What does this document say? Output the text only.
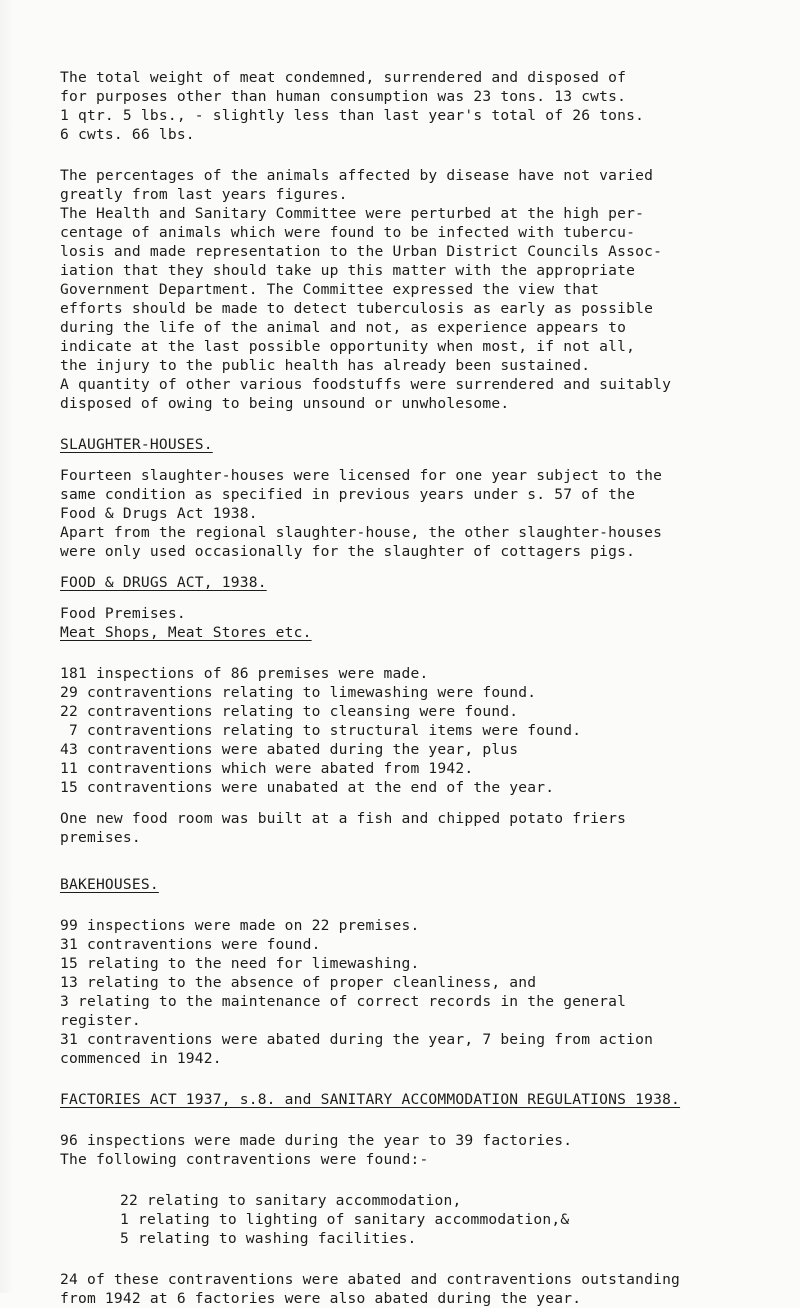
The total weight of meat condemned, surrendered and disposed of

for purposes other than human consumption was 23 tons. 13 cwts.

1 qtr. 5 lbs., - slightly less than last year's total of 26 tons.

6 cwts. 66 lbs.

The percentages of the animals affected by disease have not varied

greatly from last years figures.

The Health and Sanitary Committee were perturbed at the high per-

centage of animals which were found to be infected with tubercu-

losis and made representation to the Urban District Councils Assoc-

iation that they should take up this matter with the appropriate

Government Department. The Committee expressed the view that

efforts should be made to detect tuberculosis as early as possible

during the life of the animal and not, as experience appears to

indicate at the last possible opportunity when most, if not all,

the injury to the public health has already been sustained.

A quantity of other various foodstuffs were surrendered and suitably

disposed of owing to being unsound or unwholesome.

SLAUGHTER-HOUSES.

Fourteen slaughter-houses were licensed for one year subject to the

same condition as specified in previous years under s. 57 of the

Food & Drugs Act 1938.

Apart from the regional slaughter-house, the other slaughter-houses

were only used occasionally for the slaughter of cottagers pigs.

FOOD & DRUGS ACT, 1938.

Food Premises.

Meat Shops, Meat Stores etc.

181 inspections of 86 premises were made.

29 contraventions relating to limewashing were found.

22 contraventions relating to cleansing were found.

7 contraventions relating to structural items were found.

43 contraventions were abated during the year, plus

11 contraventions which were abated from 1942.

15 contraventions were unabated at the end of the year.

One new food room was built at a fish and chipped potato friers

premises.

BAKEHOUSES.

99 inspections were made on 22 premises.

31 contraventions were found.

15 relating to the need for limewashing.

13 relating to the absence of proper cleanliness, and

3 relating to the maintenance of correct records in the general

register.

31 contraventions were abated during the year, 7 being from action

commenced in 1942.

FACTORIES ACT 1937, s.8. and SANITARY ACCOMMODATION REGULATIONS 1938.

96 inspections were made during the year to 39 factories.

The following contraventions were found:-

22 relating to sanitary accommodation,

1 relating to lighting of sanitary accommodation,&

5 relating to washing facilities.

24 of these contraventions were abated and contraventions outstanding

from 1942 at 6 factories were also abated during the year.
